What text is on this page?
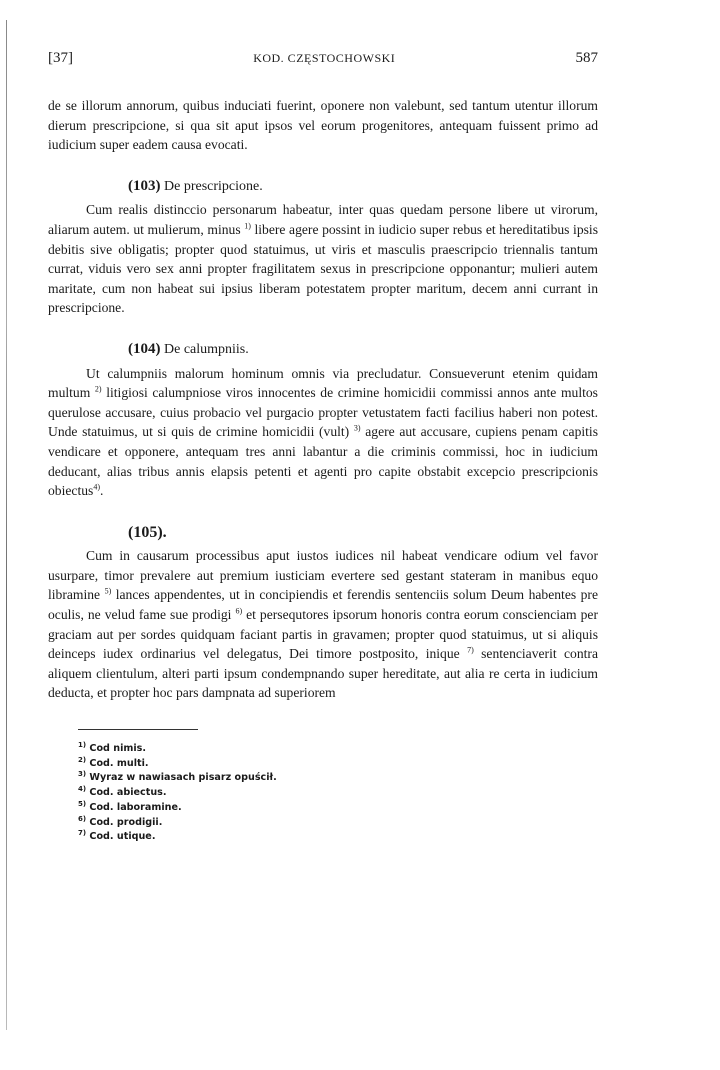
[37]	KOD. CZĘSTOCHOWSKI	587

de se illorum annorum, quibus induciati fuerint, oponere non valebunt, sed tantum utentur illorum dierum prescripcione, si qua sit aput ipsos vel eorum progenitores, antequam fuissent primo ad iudicium super eadem causa evocati.

(103) De prescripcione.

Cum realis distinccio personarum habeatur, inter quas quedam persone libere ut virorum, aliarum autem. ut mulierum, minus $^{1)}$ libere agere possint in iudicio super rebus et hereditatibus ipsis debitis sive obligatis; propter quod statuimus, ut viris et masculis praescripcio triennalis tantum currat, viduis vero sex anni propter fragilitatem sexus in prescripcione opponantur; mulieri autem maritate, cum non habeat sui ipsius liberam potestatem propter maritum, decem anni currant in prescripcione.

(104) De calumpniis.

Ut calumpniis malorum hominum omnis via precludatur. Consueverunt etenim quidam multum $^{2)}$ litigiosi calumpniose viros innocentes de crimine homicidii commissi annos ante multos querulose accusare, cuius probacio vel purgacio propter vetustatem facti facilius haberi non potest. Unde statuimus, ut si quis de crimine homicidii (vult) $^{3)}$ agere aut accusare, cupiens penam capitis vendicare et opponere, antequam tres anni labantur a die criminis commissi, hoc in iudicium deducant, alias tribus annis elapsis petenti et agenti pro capite obstabit excepcio prescripcionis obiectus$^{4)}$.

(105).

Cum in causarum processibus aput iustos iudices nil habeat vendicare odium vel favor usurpare, timor prevalere aut premium iusticiam evertere sed gestant stateram in manibus equo libramine $^{5)}$ lances appendentes, ut in concipiendis et ferendis sentenciis solum Deum habentes pre oculis, ne velud fame sue prodigi $^{6)}$ et persequtores ipsorum honoris contra eorum conscienciam per graciam aut per sordes quidquam faciant partis in gravamen; propter quod statuimus, ut si aliquis deinceps iudex ordinarius vel delegatus, Dei timore postposito, inique $^{7)}$ sentenciaverit contra aliquem clientulum, alteri parti ipsum condempnando super hereditate, aut alia re certa in iudicium deducta, et propter hoc pars dampnata ad superiorem

$^{1)}$ Cod nimis.
$^{2)}$ Cod. multi.
$^{3)}$ Wyraz w nawiasach pisarz opuścił.
$^{4)}$ Cod. abiectus.
$^{5)}$ Cod. laboramine.
$^{6)}$ Cod. prodigii.
$^{7)}$ Cod. utique.
